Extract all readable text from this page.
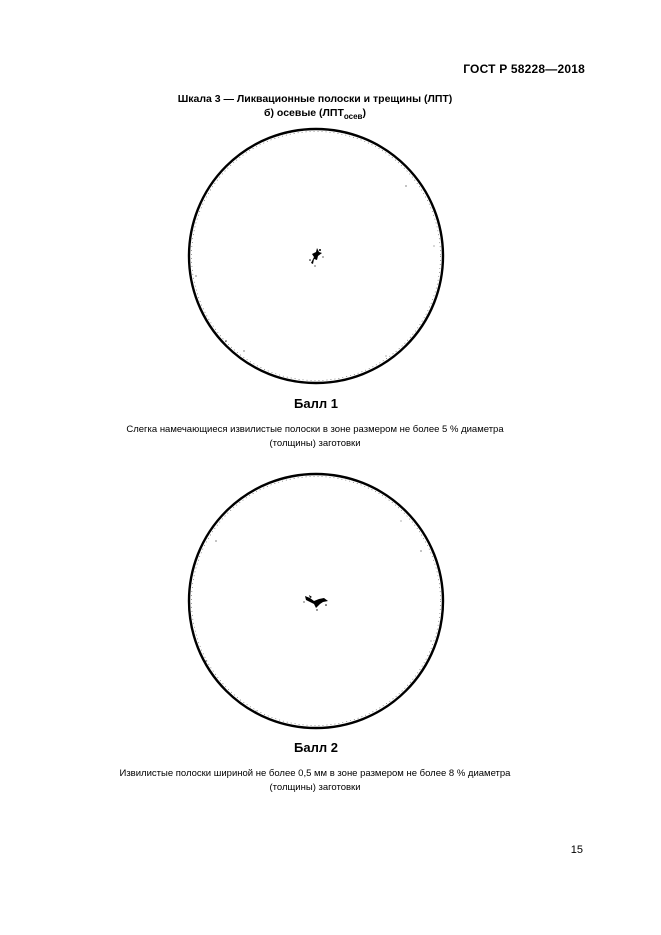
ГОСТ Р 58228—2018
Шкала 3 — Ликвационные полоски и трещины (ЛПТ)
б) осевые $(ЛПТ_{осев})$
Балл 1
Слегка намечающиеся извилистые полоски в зоне размером не более 5 % диаметра
(толщины) заготовки
Балл 2
Извилистые полоски шириной не более 0,5 мм в зоне размером не более 8 % диаметра
(толщины) заготовки
15
